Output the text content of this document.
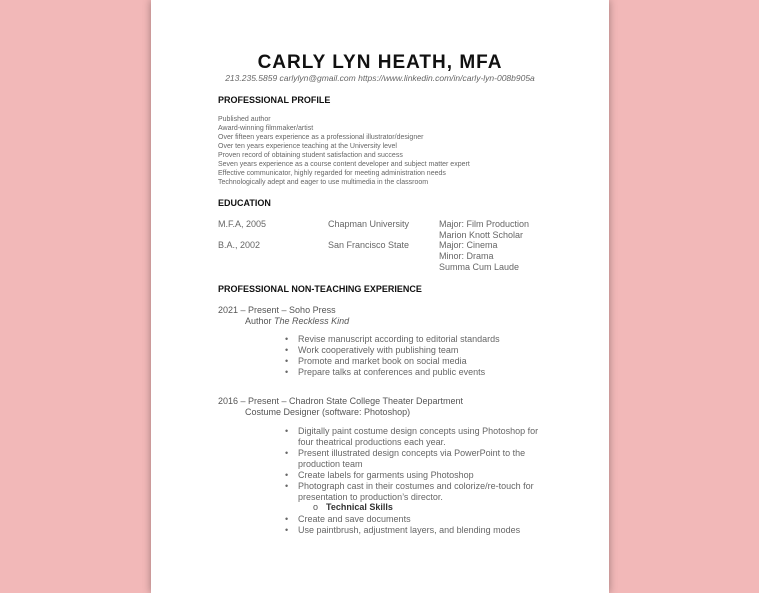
CARLY LYN HEATH, MFA
213.235.5859 carlylyn@gmail.com https://www.linkedin.com/in/carly-lyn-008b905a
PROFESSIONAL PROFILE
Published author
Award-winning filmmaker/artist
Over fifteen years experience as a professional illustrator/designer
Over ten years experience teaching at the University level
Proven record of obtaining student satisfaction and success
Seven years experience as a course content developer and subject matter expert
Effective communicator, highly regarded for meeting administration needs
Technologically adept and eager to use multimedia in the classroom
EDUCATION
M.F.A, 2005	Chapman University	Major: Film Production
Marion Knott Scholar
B.A., 2002	San Francisco State	Major: Cinema
Minor: Drama
Summa Cum Laude
PROFESSIONAL NON-TEACHING EXPERIENCE
2021 – Present – Soho Press
Author The Reckless Kind
• Revise manuscript according to editorial standards
• Work cooperatively with publishing team
• Promote and market book on social media
• Prepare talks at conferences and public events
2016 – Present – Chadron State College Theater Department
Costume Designer (software: Photoshop)
• Digitally paint costume design concepts using Photoshop for four theatrical productions each year.
• Present illustrated design concepts via PowerPoint to the production team
• Create labels for garments using Photoshop
• Photograph cast in their costumes and colorize/re-touch for presentation to production’s director.
o Technical Skills
• Create and save documents
• Use paintbrush, adjustment layers, and blending modes
